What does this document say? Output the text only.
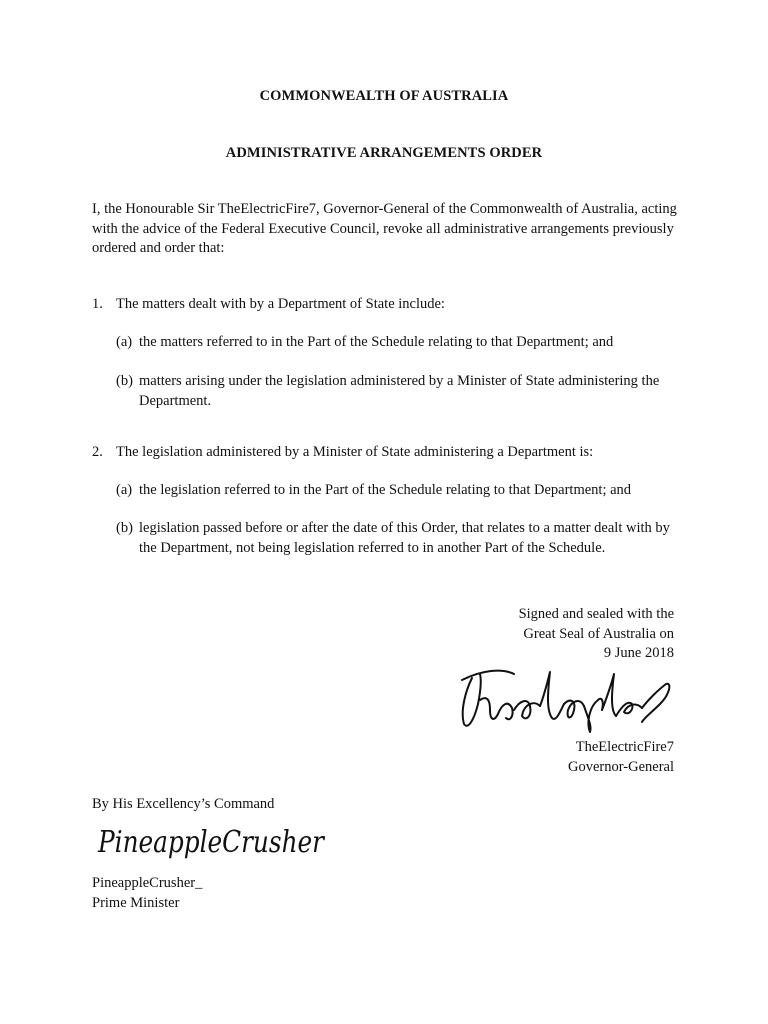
COMMONWEALTH OF AUSTRALIA
ADMINISTRATIVE ARRANGEMENTS ORDER
I, the Honourable Sir TheElectricFire7, Governor-General of the Commonwealth of Australia, acting with the advice of the Federal Executive Council, revoke all administrative arrangements previously ordered and order that:
1. The matters dealt with by a Department of State include:
(a) the matters referred to in the Part of the Schedule relating to that Department; and
(b) matters arising under the legislation administered by a Minister of State administering the Department.
2. The legislation administered by a Minister of State administering a Department is:
(a) the legislation referred to in the Part of the Schedule relating to that Department; and
(b) legislation passed before or after the date of this Order, that relates to a matter dealt with by the Department, not being legislation referred to in another Part of the Schedule.
Signed and sealed with the
Great Seal of Australia on
9 June 2018
TheElectricFire7
Governor-General
By His Excellency’s Command
PineappleCrusher
PineappleCrusher_
Prime Minister
